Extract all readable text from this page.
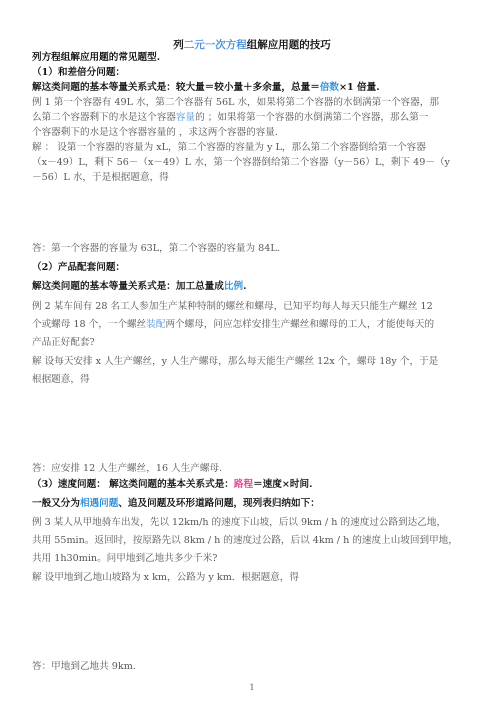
列二元一次方程组解应用题的技巧
列方程组解应用题的常见题型.
（1）和差倍分问题：
解这类问题的基本等量关系式是：较大量＝较小量＋多余量，总量＝倍数×1 倍量.
例 1 第一个容器有 49L 水，第二个容器有 56L 水，如果将第二个容器的水倒满第一个容器，那
么第二个容器剩下的水是这个容器容量的 ；如果将第一个容器的水倒满第二个容器，那么第一
个容器剩下的水是这个容器容量的 ，求这两个容器的容量.
解 ： 设第一个容器的容量为 xL，第二个容器的容量为 y L，那么第二个容器倒给第一个容器
（x－49）L，剩下 56－（x－49）L 水，第一个容器倒给第二个容器（y－56）L，剩下 49－（y
－56）L 水，于是根据题意，得
答：第一个容器的容量为 63L，第二个容器的容量为 84L.
（2）产品配套问题：
解这类问题的基本等量关系式是：加工总量成比例.
例 2 某车间有 28 名工人参加生产某种特制的螺丝和螺母，已知平均每人每天只能生产螺丝 12
个或螺母 18 个，一个螺丝装配两个螺母，问应怎样安排生产螺丝和螺母的工人，才能使每天的
产品正好配套?
解 设每天安排 x 人生产螺丝，y 人生产螺母，那么每天能生产螺丝 12x 个，螺母 18y 个，于是
根据题意，得
答：应安排 12 人生产螺丝，16 人生产螺母.
（3）速度问题： 解这类问题的基本关系式是：路程＝速度×时间.
一般又分为相遇问题、追及问题及环形道路问题，现列表归纳如下：
例 3 某人从甲地骑车出发，先以 12km/h 的速度下山坡，后以 9km / h 的速度过公路到达乙地，
共用 55min。返回时，按原路先以 8km / h 的速度过公路，后以 4km / h 的速度上山坡回到甲地，
共用 1h30min。问甲地到乙地共多少千米?
解 设甲地到乙地山坡路为 x km，公路为 y km．根据题意，得
答：甲地到乙地共 9km.
1
